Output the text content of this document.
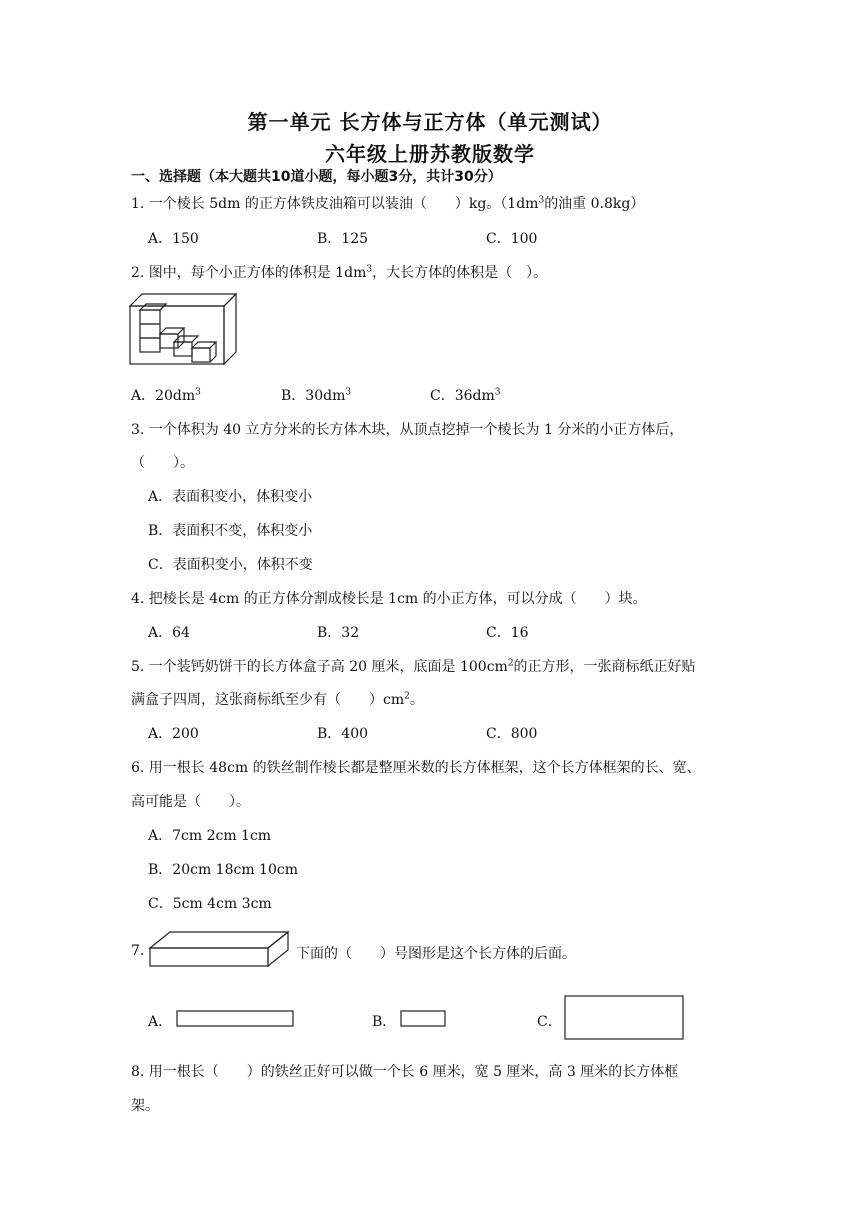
第一单元 长方体与正方体（单元测试）
六年级上册苏教版数学
一、选择题（本大题共10道小题，每小题3分，共计30分）
1. 一个棱长 5dm 的正方体铁皮油箱可以装油（　　）kg。（$1dm^3$的油重 0.8kg）
A．150	B．125	C．100
2. 图中，每个小正方体的体积是 $1dm^3$，大长方体的体积是（　）。
A．$20dm^3$	B．$30dm^3$	C．$36dm^3$
3. 一个体积为 40 立方分米的长方体木块，从顶点挖掉一个棱长为 1 分米的小正方体后，
（　　）。
A．表面积变小，体积变小
B．表面积不变，体积变小
C．表面积变小，体积不变
4. 把棱长是 4cm 的正方体分割成棱长是 1cm 的小正方体，可以分成（　　）块。
A．64	B．32	C．16
5. 一个装钙奶饼干的长方体盒子高 20 厘米，底面是 $100cm^2$的正方形，一张商标纸正好贴
满盒子四周，这张商标纸至少有（　　）$cm^2$。
A．200	B．400	C．800
6. 用一根长 48cm 的铁丝制作棱长都是整厘米数的长方体框架，这个长方体框架的长、宽、
高可能是（　　）。
A．7cm 2cm 1cm
B．20cm 18cm 10cm
C．5cm 4cm 3cm
7.	下面的（　　）号图形是这个长方体的后面。
A．	B．	C．
8. 用一根长（　　）的铁丝正好可以做一个长 6 厘米，宽 5 厘米，高 3 厘米的长方体框
架。
